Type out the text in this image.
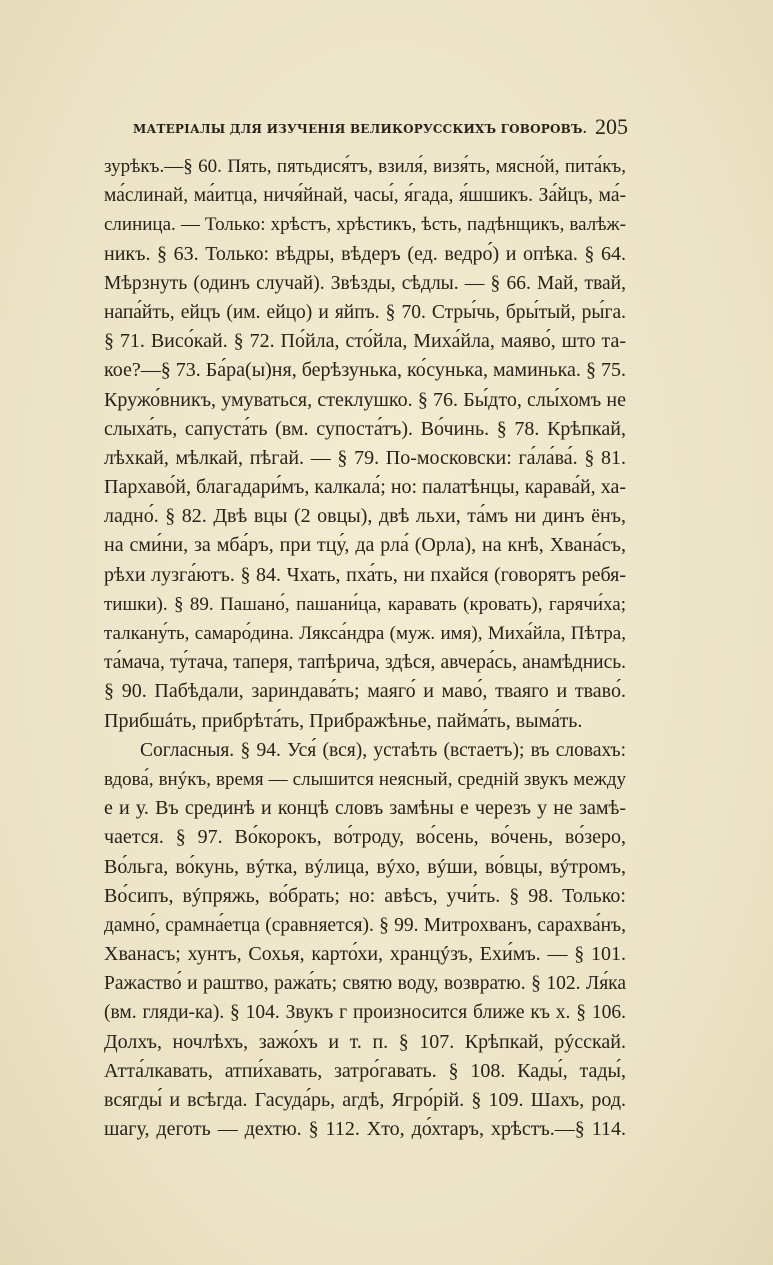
МАТЕРІАЛЫ ДЛЯ ИЗУЧЕНІЯ ВЕЛИКОРУССКИХЪ ГОВОРОВЪ. 205
зурѣкъ.—§ 60. Пять, пятьдися́тъ, взиля́, визя́ть, мясно́й, пита́къ,
ма́слинай, ма́итца, ничя́йнай, часы́, я́гада, я́шшикъ. За́йцъ, ма́-
слиница. — Только: хрѣстъ, хрѣстикъ, ѣсть, падѣнщикъ, валѣж-
никъ. § 63. Только: вѣдры, вѣдеръ (ед. ведро́) и опѣка. § 64.
Мѣрзнуть (одинъ случай). Звѣзды, сѣдлы. — § 66. Май, твай,
напа́йть, ейцъ (им. ейцо) и яйпъ. § 70. Стры́чь, бры́тый, ры́га.
§ 71. Висо́кай. § 72. По́йла, сто́йла, Миха́йла, маяво́, што та-
кое?—§ 73. Ба́ра(ы)ня, берѣзунька, ко́сунька, маминька. § 75.
Кружо́вникъ, умуваться, стеклушко. § 76. Бы́дто, слы́хомъ не
слыха́ть, сапуста́ть (вм. супоста́тъ). Во́чинь. § 78. Крѣпкай,
лѣхкай, мѣлкай, пѣгай. — § 79. По-московски: га́ла́ва́. § 81.
Пархаво́й, благадари́мъ, калкала́; но: палатѣнцы, карава́й, ха-
ладно́. § 82. Двѣ вцы (2 овцы), двѣ льхи, та́мъ ни динъ ёнъ,
на сми́ни, за мба́ръ, при тцу́, да рла́ (Орла), на кнѣ, Хвана́съ,
рѣхи лузга́ютъ. § 84. Чхать, пха́ть, ни пхайся (говорятъ ребя-
тишки). § 89. Пашано́, пашани́ца, каравать (кровать), гарячи́ха;
талкану́ть, самаро́дина. Лякса́ндра (муж. имя), Миха́йла, Пѣтра,
та́мача, ту́тача, таперя, тапѣрича, здѣся, авчера́сь, анамѣднись.
§ 90. Пабѣдали, зариндава́ть; маяго́ и маво́, тваяго и тваво́.
Прибшáть, прибрѣта́ть, Прибражѣнье, пайма́ть, выма́ть.
Согласныя. § 94. Уся́ (вся), устаѣть (встаетъ); въ словахъ:
вдова́, внýкъ, время — слышится неясный, среднiй звукъ между
е и у. Въ срединѣ и концѣ словъ замѣны е черезъ у не замѣ-
чается. § 97. Во́корокъ, во́троду, во́сень, во́чень, во́зеро,
Во́льга, во́кунь, вýтка, вýлица, вýхо, вýши, во́вцы, вýтромъ,
Во́сипъ, вýпряжь, во́брать; но: авѣсъ, учи́ть. § 98. Только:
дамно́, срамна́етца (сравняется). § 99. Митрохванъ, сарахва́нъ,
Хванасъ; хунтъ, Сохья, карто́хи, хранцýзъ, Ехи́мъ. — § 101.
Ражаство́ и раштво, ража́ть; святю воду, возвратю. § 102. Ля́ка
(вм. гляди-ка). § 104. Звукъ г произносится ближе къ х. § 106.
Долхъ, ночлѣхъ, зажо́хъ и т. п. § 107. Крѣпкай, рýсскай.
Атта́лкавать, атпи́хавать, затро́гавать. § 108. Кады́, тады́,
всягды́ и всѣгда. Гасуда́рь, агдѣ, Ягро́рiй. § 109. Шахъ, род.
шагу, деготь — дехтю. § 112. Хто, до́хтаръ, хрѣстъ.—§ 114.
